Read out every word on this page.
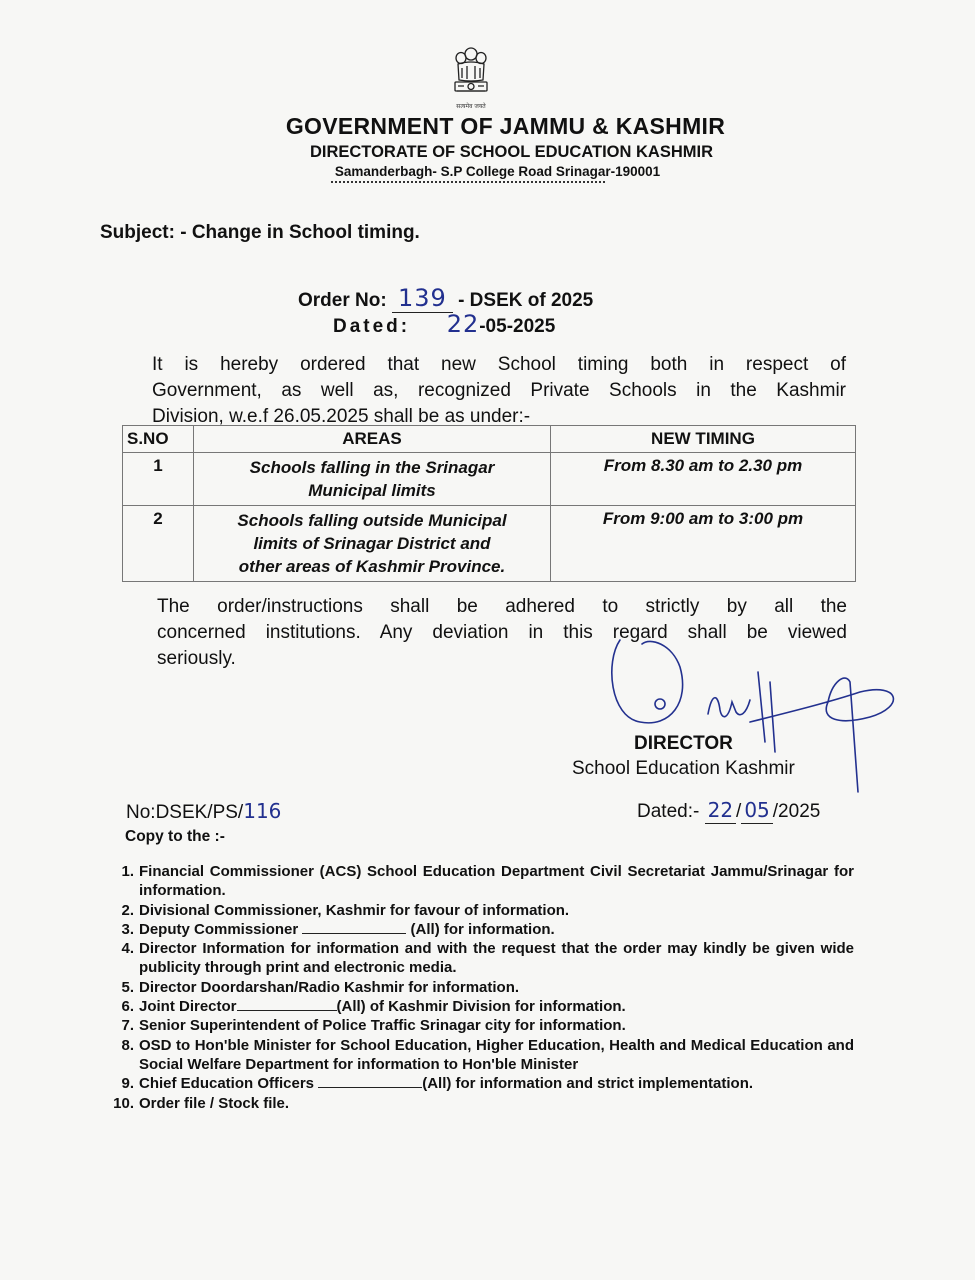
सत्यमेव जयते
GOVERNMENT OF JAMMU & KASHMIR
DIRECTORATE OF SCHOOL EDUCATION KASHMIR
Samanderbagh- S.P College Road Srinagar-190001
Subject: - Change in School timing.
Order No: 139 - DSEK of 2025
Dated: 22-05-2025
It is hereby ordered that new School timing both in respect of
Government, as well as, recognized Private Schools in the Kashmir
Division, w.e.f 26.05.2025 shall be as under:-
S.NO	AREAS	NEW TIMING
1	Schools falling in the Srinagar
Municipal limits	From 8.30 am to 2.30 pm
2	Schools falling outside Municipal
limits of Srinagar District and
other areas of Kashmir Province.	From 9:00 am to 3:00 pm
The order/instructions shall be adhered to strictly by all the
concerned institutions. Any deviation in this regard shall be viewed
seriously.
DIRECTOR
School Education Kashmir
No:DSEK/PS/116	Dated:- 22 / 05 /2025
Copy to the :-
1. Financial Commissioner (ACS) School Education Department Civil Secretariat Jammu/Srinagar for information.
2. Divisional Commissioner, Kashmir for favour of information.
3. Deputy Commissioner	(All) for information.
4. Director Information for information and with the request that the order may kindly be given wide publicity through print and electronic media.
5. Director Doordarshan/Radio Kashmir for information.
6. Joint Director	(All) of Kashmir Division for information.
7. Senior Superintendent of Police Traffic Srinagar city for information.
8. OSD to Hon'ble Minister for School Education, Higher Education, Health and Medical Education and Social Welfare Department for information to Hon'ble Minister
9. Chief Education Officers	(All) for information and strict implementation.
10. Order file / Stock file.
